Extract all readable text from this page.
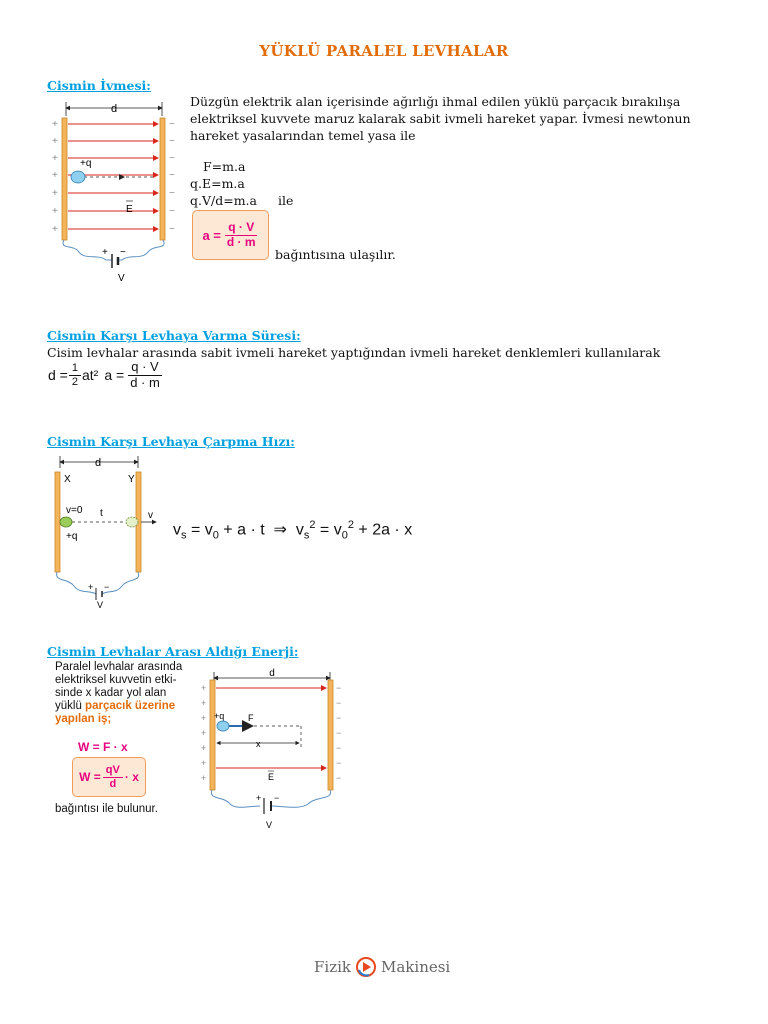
YÜKLÜ PARALEL LEVHALAR
Cismin İvmesi:
d
+q
E
+
+
+
+
+
+
+
−
−
−
−
−
−
−
+ −
V
Düzgün elektrik alan içerisinde ağırlığı ihmal edilen yüklü parçacık bırakılışa
elektriksel kuvvete maruz kalarak sabit ivmeli hareket yapar. İvmesi newtonun
hareket yasalarından temel yasa ile
F=m.a
q.E=m.a
q.V/d=m.a ile
$a = \frac{q \cdot V}{d \cdot m}$
bağıntısına ulaşılır.
Cismin Karşı Levhaya Varma Süresi:
Cisim levhalar arasında sabit ivmeli hareket yaptığından ivmeli hareket denklemleri kullanılarak
$d = \frac{1}{2} at^2$ $a = \frac{q \cdot V}{d \cdot m}$
Cismin Karşı Levhaya Çarpma Hızı:
d
X	Y
v=0 t	v
+q
+ −
V
$v_s = v_0 + a \cdot t$  ⇒  $v_s^2 = v_0^2 + 2a \cdot x$
Cismin Levhalar Arası Aldığı Enerji:
Paralel levhalar arasında
elektriksel kuvvetin etki-
sinde x kadar yol alan
yüklü parçacık üzerine
yapılan iş;
W = F · x
$W = \frac{qV}{d} \cdot x$
bağıntısı ile bulunur.
d
+q	F
x
E
+
+
+
+
+
+
+
−
−
−
−
−
−
−
+ −
V
Fizik Makinesi
